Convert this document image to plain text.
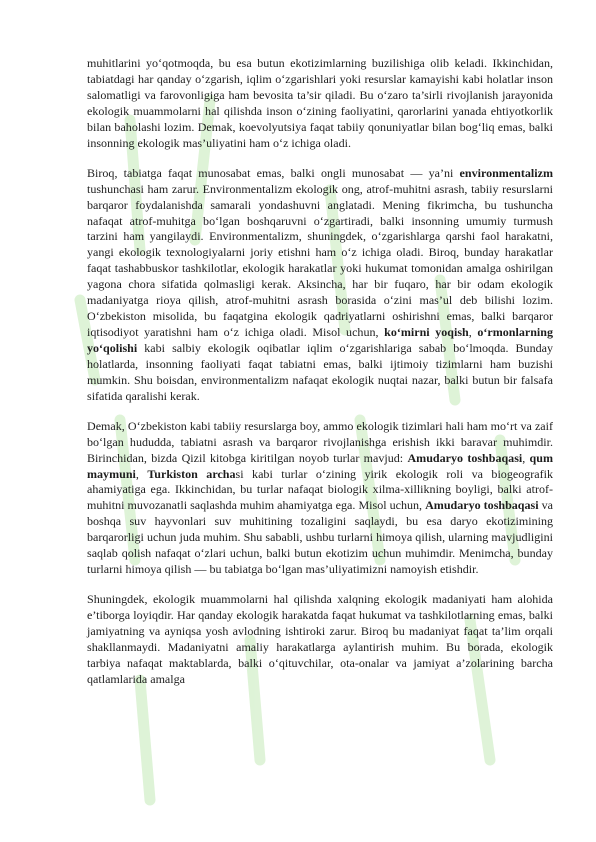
muhitlarini yo‘qotmoqda, bu esa butun ekotizimlarning buzilishiga olib keladi. Ikkinchidan, tabiatdagi har qanday o‘zgarish, iqlim o‘zgarishlari yoki resurslar kamayishi kabi holatlar inson salomatligi va farovonligiga ham bevosita ta’sir qiladi. Bu o‘zaro ta’sirli rivojlanish jarayonida ekologik muammolarni hal qilishda inson o‘zining faoliyatini, qarorlarini yanada ehtiyotkorlik bilan baholashi lozim. Demak, koevolyutsiya faqat tabiiy qonuniyatlar bilan bog‘liq emas, balki insonning ekologik mas’uliyatini ham o‘z ichiga oladi.

Biroq, tabiatga faqat munosabat emas, balki ongli munosabat — ya’ni environmentalizm tushunchasi ham zarur. Environmentalizm ekologik ong, atrof-muhitni asrash, tabiiy resurslarni barqaror foydalanishda samarali yondashuvni anglatadi. Mening fikrimcha, bu tushuncha nafaqat atrof-muhitga bo‘lgan boshqaruvni o‘zgartiradi, balki insonning umumiy turmush tarzini ham yangilaydi. Environmentalizm, shuningdek, o‘zgarishlarga qarshi faol harakatni, yangi ekologik texnologiyalarni joriy etishni ham o‘z ichiga oladi. Biroq, bunday harakatlar faqat tashabbuskor tashkilotlar, ekologik harakatlar yoki hukumat tomonidan amalga oshirilgan yagona chora sifatida qolmasligi kerak. Aksincha, har bir fuqaro, har bir odam ekologik madaniyatga rioya qilish, atrof-muhitni asrash borasida o‘zini mas’ul deb bilishi lozim. O‘zbekiston misolida, bu faqatgina ekologik qadriyatlarni oshirishni emas, balki barqaror iqtisodiyot yaratishni ham o‘z ichiga oladi. Misol uchun, ko‘mirni yoqish, o‘rmonlarning yo‘qolishi kabi salbiy ekologik oqibatlar iqlim o‘zgarishlariga sabab bo‘lmoqda. Bunday holatlarda, insonning faoliyati faqat tabiatni emas, balki ijtimoiy tizimlarni ham buzishi mumkin. Shu boisdan, environmentalizm nafaqat ekologik nuqtai nazar, balki butun bir falsafa sifatida qaralishi kerak.

Demak, O‘zbekiston kabi tabiiy resurslarga boy, ammo ekologik tizimlari hali ham mo‘rt va zaif bo‘lgan hududda, tabiatni asrash va barqaror rivojlanishga erishish ikki baravar muhimdir. Birinchidan, bizda Qizil kitobga kiritilgan noyob turlar mavjud: Amudaryo toshbaqasi, qum maymuni, Turkiston archasi kabi turlar o‘zining yirik ekologik roli va biogeografik ahamiyatiga ega. Ikkinchidan, bu turlar nafaqat biologik xilma-xillikning boyligi, balki atrof-muhitni muvozanatli saqlashda muhim ahamiyatga ega. Misol uchun, Amudaryo toshbaqasi va boshqa suv hayvonlari suv muhitining tozaligini saqlaydi, bu esa daryo ekotizimining barqarorligi uchun juda muhim. Shu sababli, ushbu turlarni himoya qilish, ularning mavjudligini saqlab qolish nafaqat o‘zlari uchun, balki butun ekotizim uchun muhimdir. Menimcha, bunday turlarni himoya qilish — bu tabiatga bo‘lgan mas’uliyatimizni namoyish etishdir.

Shuningdek, ekologik muammolarni hal qilishda xalqning ekologik madaniyati ham alohida e’tiborga loyiqdir. Har qanday ekologik harakatda faqat hukumat va tashkilotlarning emas, balki jamiyatning va ayniqsa yosh avlodning ishtiroki zarur. Biroq bu madaniyat faqat ta’lim orqali shakllanmaydi. Madaniyatni amaliy harakatlarga aylantirish muhim. Bu borada, ekologik tarbiya nafaqat maktablarda, balki o‘qituvchilar, ota-onalar va jamiyat a’zolarining barcha qatlamlarida amalga
